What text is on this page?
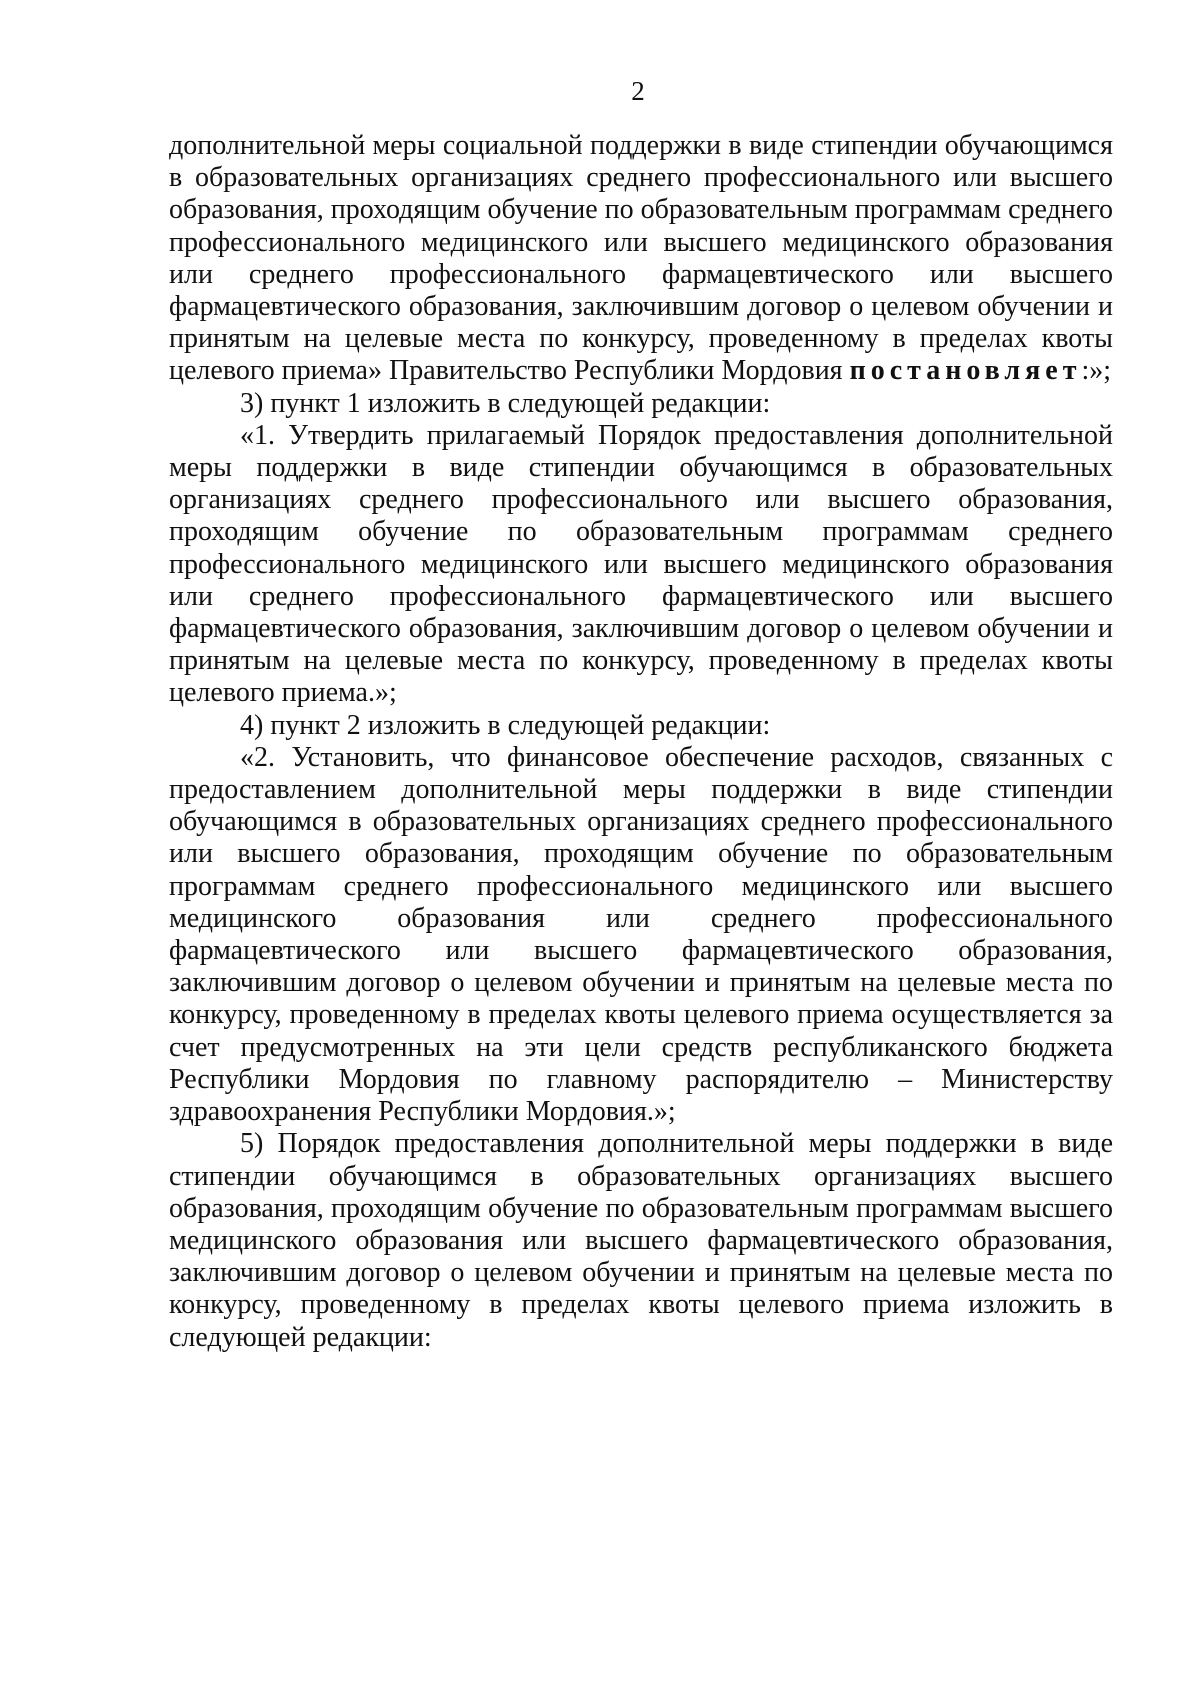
2

дополнительной меры социальной поддержки в виде стипендии обучающимся в образовательных организациях среднего профессионального или высшего образования, проходящим обучение по образовательным программам среднего профессионального медицинского или высшего медицинского образования или среднего профессионального фармацевтического или высшего фармацевтического образования, заключившим договор о целевом обучении и принятым на целевые места по конкурсу, проведенному в пределах квоты целевого приема» Правительство Республики Мордовия постановляет:»;

3) пункт 1 изложить в следующей редакции:

«1. Утвердить прилагаемый Порядок предоставления дополнительной меры поддержки в виде стипендии обучающимся в образовательных организациях среднего профессионального или высшего образования, проходящим обучение по образовательным программам среднего профессионального медицинского или высшего медицинского образования или среднего профессионального фармацевтического или высшего фармацевтического образования, заключившим договор о целевом обучении и принятым на целевые места по конкурсу, проведенному в пределах квоты целевого приема.»;

4) пункт 2 изложить в следующей редакции:

«2. Установить, что финансовое обеспечение расходов, связанных с предоставлением дополнительной меры поддержки в виде стипендии обучающимся в образовательных организациях среднего профессионального или высшего образования, проходящим обучение по образовательным программам среднего профессионального медицинского или высшего медицинского образования или среднего профессионального фармацевтического или высшего фармацевтического образования, заключившим договор о целевом обучении и принятым на целевые места по конкурсу, проведенному в пределах квоты целевого приема осуществляется за счет предусмотренных на эти цели средств республиканского бюджета Республики Мордовия по главному распорядителю – Министерству здравоохранения Республики Мордовия.»;

5) Порядок предоставления дополнительной меры поддержки в виде стипендии обучающимся в образовательных организациях высшего образования, проходящим обучение по образовательным программам высшего медицинского образования или высшего фармацевтического образования, заключившим договор о целевом обучении и принятым на целевые места по конкурсу, проведенному в пределах квоты целевого приема изложить в следующей редакции:
